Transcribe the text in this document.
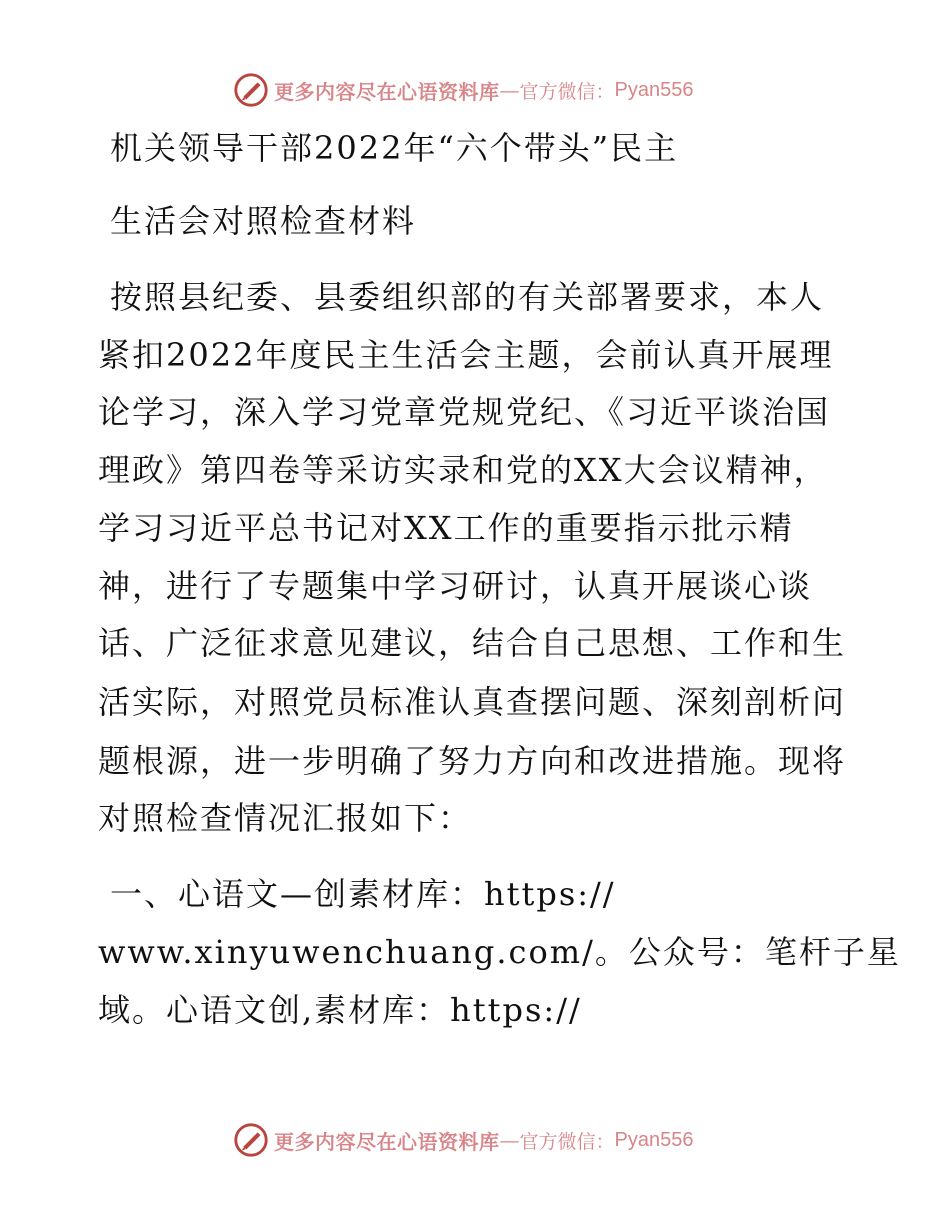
更多内容尽在心语资料库 — 官方微信： Pyan556
机关领导干部2022年“六个带头”民主
生活会对照检查材料
按照县纪委、县委组织部的有关部署要求，本人
紧扣2022年度民主生活会主题，会前认真开展理
论学习，深入学习党章党规党纪、《习近平谈治国
理政》第四卷等采访实录和党的XX大会议精神，
学习习近平总书记对XX工作的重要指示批示精
神，进行了专题集中学习研讨，认真开展谈心谈
话、广泛征求意见建议，结合自己思想、工作和生
活实际，对照党员标准认真查摆问题、深刻剖析问
题根源，进一步明确了努力方向和改进措施。现将
对照检查情况汇报如下：
一、心语文—创素材库：https://
www.xinyuwenchuang.com/。公众号：笔杆子星
域。心语文创,素材库：https://
更多内容尽在心语资料库 — 官方微信： Pyan556
